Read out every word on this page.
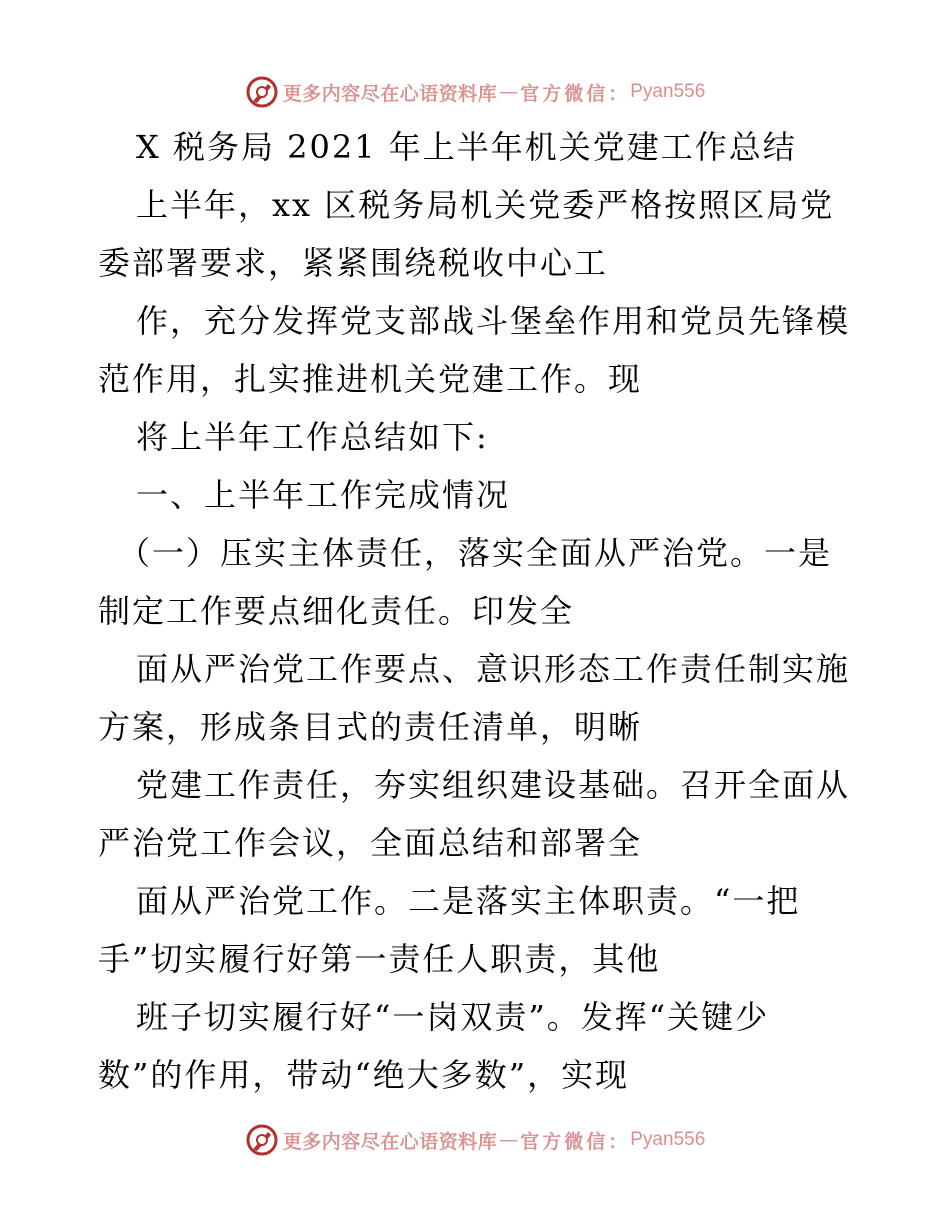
更多内容尽在心语资料库 — 官方微信： Pyan556
X 税务局 2021 年上半年机关党建工作总结
上半年，xx 区税务局机关党委严格按照区局党
委部署要求，紧紧围绕税收中心工
作，充分发挥党支部战斗堡垒作用和党员先锋模
范作用，扎实推进机关党建工作。现
将上半年工作总结如下:
一、上半年工作完成情况
（一）压实主体责任，落实全面从严治党。一是
制定工作要点细化责任。印发全
面从严治党工作要点、意识形态工作责任制实施
方案，形成条目式的责任清单，明晰
党建工作责任，夯实组织建设基础。召开全面从
严治党工作会议，全面总结和部署全
面从严治党工作。二是落实主体职责。“一把
手”切实履行好第一责任人职责，其他
班子切实履行好“一岗双责”。发挥“关键少
数”的作用，带动“绝大多数”，实现
更多内容尽在心语资料库 — 官方微信： Pyan556
